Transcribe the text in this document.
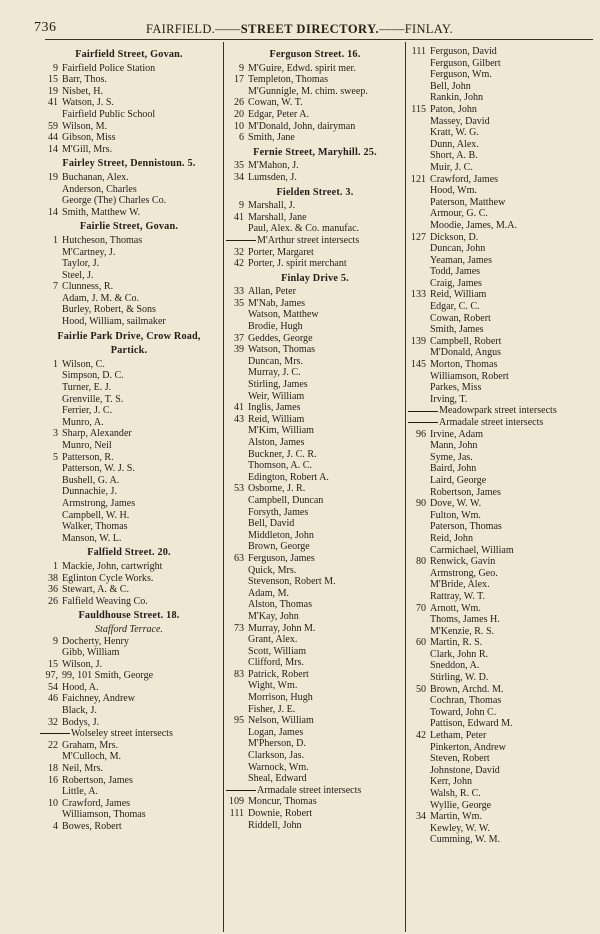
736	FAIRFIELD.——STREET DIRECTORY.——FINLAY.
Fairfield Street, Govan.
9 Fairfield Police Station
15 Barr, Thos.
19 Nisbet, H.
41 Watson, J. S.
Fairfield Public School
59 Wilson, M.
44 Gibson, Miss
14 M'Gill, Mrs.
Fairley Street, Dennistoun. 5.
19 Buchanan, Alex.
Anderson, Charles
George (The) Charles Co.
14 Smith, Matthew W.
Fairlie Street, Govan.
1 Hutcheson, Thomas
M'Cartney, J.
Taylor, J.
Steel, J.
7 Clunness, R.
Adam, J. M. & Co.
Burley, Robert, & Sons
Hood, William, sailmaker
Fairlie Park Drive, Crow Road,
Partick.
1 Wilson, C.
Simpson, D. C.
Turner, E. J.
Grenville, T. S.
Ferrier, J. C.
Munro, A.
3 Sharp, Alexander
Munro, Neil
5 Patterson, R.
Patterson, W. J. S.
Bushell, G. A.
Dunnachie, J.
Armstrong, James
Campbell, W. H.
Walker, Thomas
Manson, W. L.
Falfield Street. 20.
1 Mackie, John, cartwright
38 Eglinton Cycle Works.
36 Stewart, A. & C.
26 Falfield Weaving Co.
Fauldhouse Street. 18.
Stafford Terrace.
9 Docherty, Henry
Gibb, William
15 Wilson, J.
97, 99, 101 Smith, George
54 Hood, A.
46 Faichney, Andrew
Black, J.
32 Bodys, J.
Wolseley street intersects
22 Graham, Mrs.
M'Culloch, M.
18 Neil, Mrs.
16 Robertson, James
Little, A.
10 Crawford, James
Williamson, Thomas
4 Bowes, Robert
Ferguson Street. 16.
9 M'Guire, Edwd. spirit mer.
17 Templeton, Thomas
M'Gunnigle, M. chim. sweep.
26 Cowan, W. T.
20 Edgar, Peter A.
10 M'Donald, John, dairyman
6 Smith, Jane
Fernie Street, Maryhill. 25.
35 M'Mahon, J.
34 Lumsden, J.
Fielden Street. 3.
9 Marshall, J.
41 Marshall, Jane
Paul, Alex. & Co. manufac.
M'Arthur street intersects
32 Porter, Margaret
42 Porter, J. spirit merchant
Finlay Drive 5.
33 Allan, Peter
35 M'Nab, James
Watson, Matthew
Brodie, Hugh
37 Geddes, George
39 Watson, Thomas
Duncan, Mrs.
Murray, J. C.
Stirling, James
Weir, William
41 Inglis, James
43 Reid, William
M'Kim, William
Alston, James
Buckner, J. C. R.
Thomson, A. C.
Edington, Robert A.
53 Osborne, J. R.
Campbell, Duncan
Forsyth, James
Bell, David
Middleton, John
Brown, George
63 Ferguson, James
Quick, Mrs.
Stevenson, Robert M.
Adam, M.
Alston, Thomas
M'Kay, John
73 Murray, John M.
Grant, Alex.
Scott, William
Clifford, Mrs.
83 Patrick, Robert
Wight, Wm.
Morrison, Hugh
Fisher, J. E.
95 Nelson, William
Logan, James
M'Pherson, D.
Clarkson, Jas.
Warnock, Wm.
Sheal, Edward
Armadale street intersects
109 Moncur, Thomas
111 Downie, Robert
Riddell, John
111 Ferguson, David
Ferguson, Gilbert
Ferguson, Wm.
Bell, John
Rankin, John
115 Paton, John
Massey, David
Kratt, W. G.
Dunn, Alex.
Short, A. B.
Muir, J. C.
121 Crawford, James
Hood, Wm.
Paterson, Matthew
Armour, G. C.
Moodie, James, M.A.
127 Dickson, D.
Duncan, John
Yeaman, James
Todd, James
Craig, James
133 Reid, William
Edgar, C. C.
Cowan, Robert
Smith, James
139 Campbell, Robert
M'Donald, Angus
145 Morton, Thomas
Williamson, Robert
Parkes, Miss
Irving, T.
Meadowpark street intersects
Armadale street intersects
96 Irvine, Adam
Mann, John
Syme, Jas.
Baird, John
Laird, George
Robertson, James
90 Dove, W. W.
Fulton, Wm.
Paterson, Thomas
Reid, John
Carmichael, William
80 Renwick, Gavin
Armstrong, Geo.
M'Bride, Alex.
Rattray, W. T.
70 Arnott, Wm.
Thoms, James H.
M'Kenzie, R. S.
60 Martin, R. S.
Clark, John R.
Sneddon, A.
Stirling, W. D.
50 Brown, Archd. M.
Cochran, Thomas
Toward, John C.
Pattison, Edward M.
42 Letham, Peter
Pinkerton, Andrew
Steven, Robert
Johnstone, David
Kerr, John
Walsh, R. C.
Wyllie, George
34 Martin, Wm.
Kewley, W. W.
Cumming, W. M.
